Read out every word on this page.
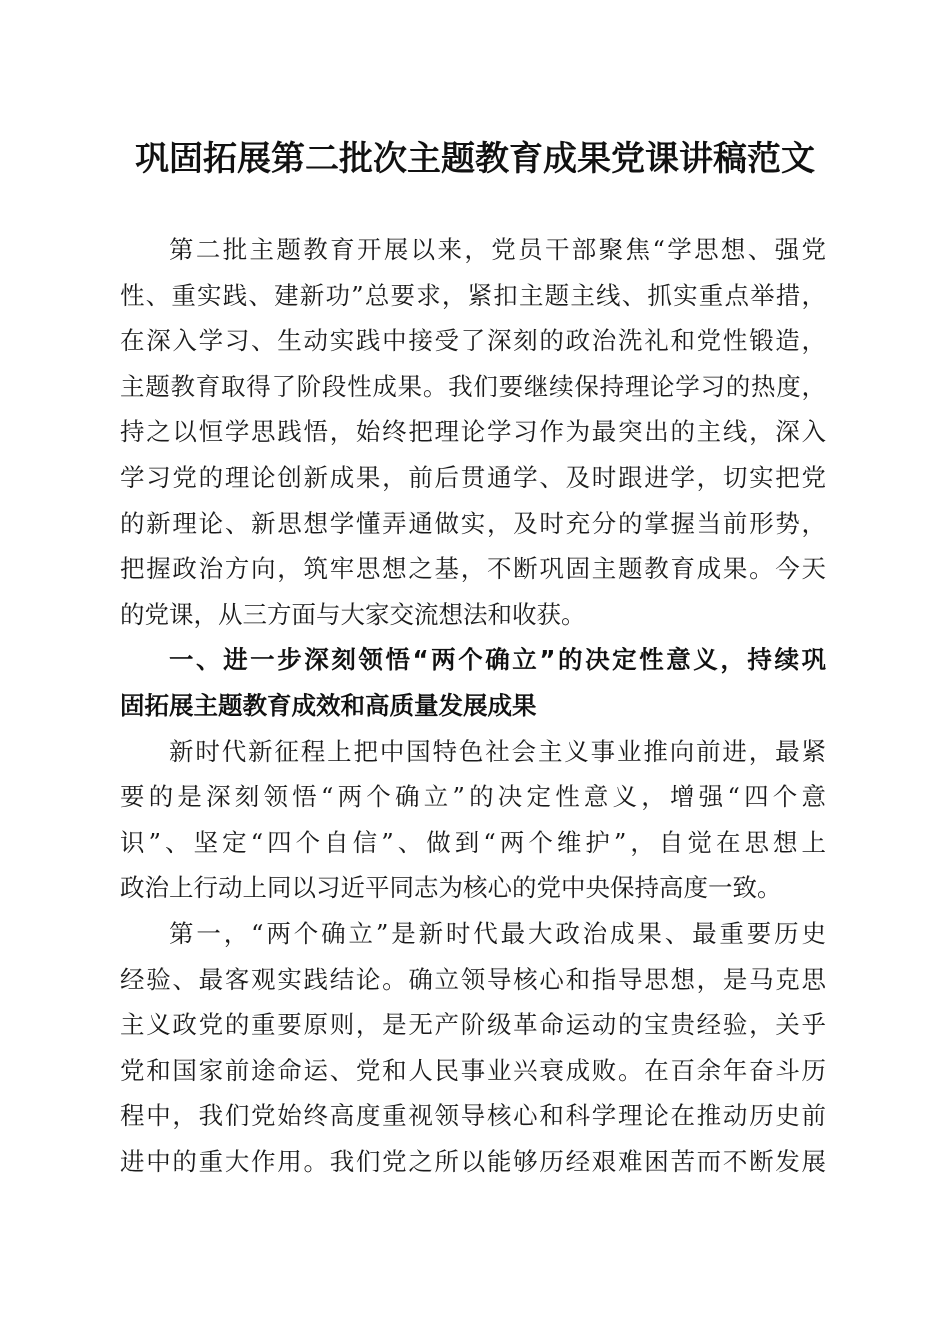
巩固拓展第二批次主题教育成果党课讲稿范文
第二批主题教育开展以来，党员干部聚焦“学思想、强党
性、重实践、建新功”总要求，紧扣主题主线、抓实重点举措，
在深入学习、生动实践中接受了深刻的政治洗礼和党性锻造，
主题教育取得了阶段性成果。我们要继续保持理论学习的热度，
持之以恒学思践悟，始终把理论学习作为最突出的主线，深入
学习党的理论创新成果，前后贯通学、及时跟进学，切实把党
的新理论、新思想学懂弄通做实，及时充分的掌握当前形势，
把握政治方向，筑牢思想之基，不断巩固主题教育成果。今天
的党课，从三方面与大家交流想法和收获。
一、进一步深刻领悟“两个确立”的决定性意义，持续巩
固拓展主题教育成效和高质量发展成果
新时代新征程上把中国特色社会主义事业推向前进，最紧
要的是深刻领悟“两个确立”的决定性意义，增强“四个意
识”、坚定“四个自信”、做到“两个维护”，自觉在思想上
政治上行动上同以习近平同志为核心的党中央保持高度一致。
第一，“两个确立”是新时代最大政治成果、最重要历史
经验、最客观实践结论。确立领导核心和指导思想，是马克思
主义政党的重要原则，是无产阶级革命运动的宝贵经验，关乎
党和国家前途命运、党和人民事业兴衰成败。在百余年奋斗历
程中，我们党始终高度重视领导核心和科学理论在推动历史前
进中的重大作用。我们党之所以能够历经艰难困苦而不断发展
